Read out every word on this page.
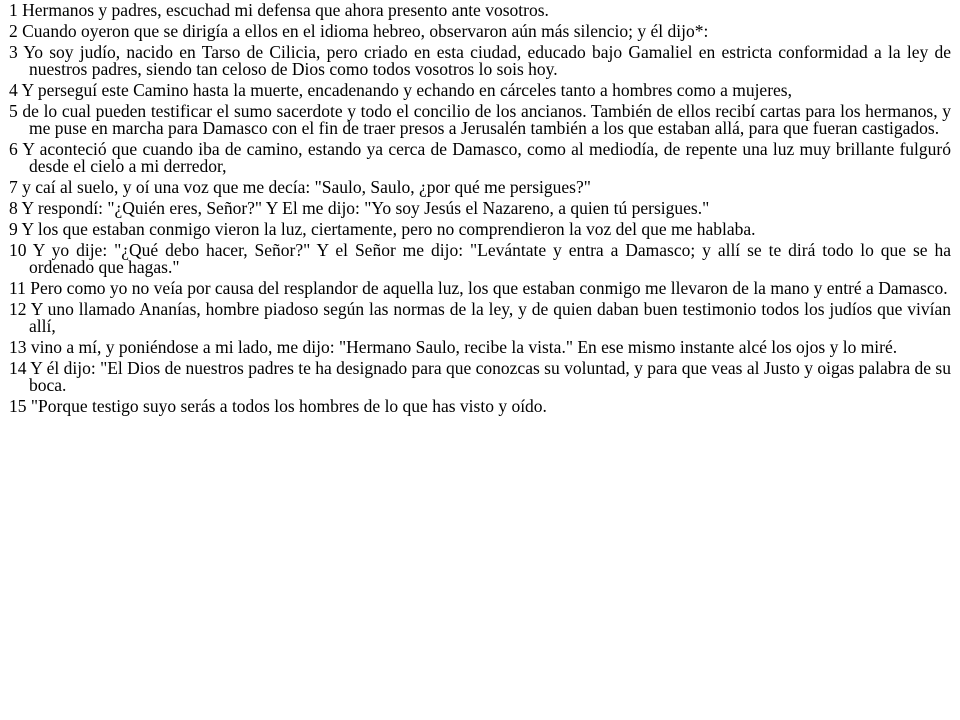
1 Hermanos y padres, escuchad mi defensa que ahora presento ante vosotros.

2 Cuando oyeron que se dirigía a ellos en el idioma hebreo, observaron aún más silencio; y él dijo*:

3 Yo soy judío, nacido en Tarso de Cilicia, pero criado en esta ciudad, educado bajo Gamaliel en estricta conformidad a la ley de nuestros padres, siendo tan celoso de Dios como todos vosotros lo sois hoy.

4 Y perseguí este Camino hasta la muerte, encadenando y echando en cárceles tanto a hombres como a mujeres,

5 de lo cual pueden testificar el sumo sacerdote y todo el concilio de los ancianos. También de ellos recibí cartas para los hermanos, y me puse en marcha para Damasco con el fin de traer presos a Jerusalén también a los que estaban allá, para que fueran castigados.

6 Y aconteció que cuando iba de camino, estando ya cerca de Damasco, como al mediodía, de repente una luz muy brillante fulguró desde el cielo a mi derredor,

7 y caí al suelo, y oí una voz que me decía: "Saulo, Saulo, ¿por qué me persigues?"

8 Y respondí: "¿Quién eres, Señor?" Y El me dijo: "Yo soy Jesús el Nazareno, a quien tú persigues."

9 Y los que estaban conmigo vieron la luz, ciertamente, pero no comprendieron la voz del que me hablaba.

10 Y yo dije: "¿Qué debo hacer, Señor?" Y el Señor me dijo: "Levántate y entra a Damasco; y allí se te dirá todo lo que se ha ordenado que hagas."

11 Pero como yo no veía por causa del resplandor de aquella luz, los que estaban conmigo me llevaron de la mano y entré a Damasco.

12 Y uno llamado Ananías, hombre piadoso según las normas de la ley, y de quien daban buen testimonio todos los judíos que vivían allí,

13 vino a mí, y poniéndose a mi lado, me dijo: "Hermano Saulo, recibe la vista." En ese mismo instante alcé los ojos y lo miré.

14 Y él dijo: "El Dios de nuestros padres te ha designado para que conozcas su voluntad, y para que veas al Justo y oigas palabra de su boca.

15 "Porque testigo suyo serás a todos los hombres de lo que has visto y oído.
